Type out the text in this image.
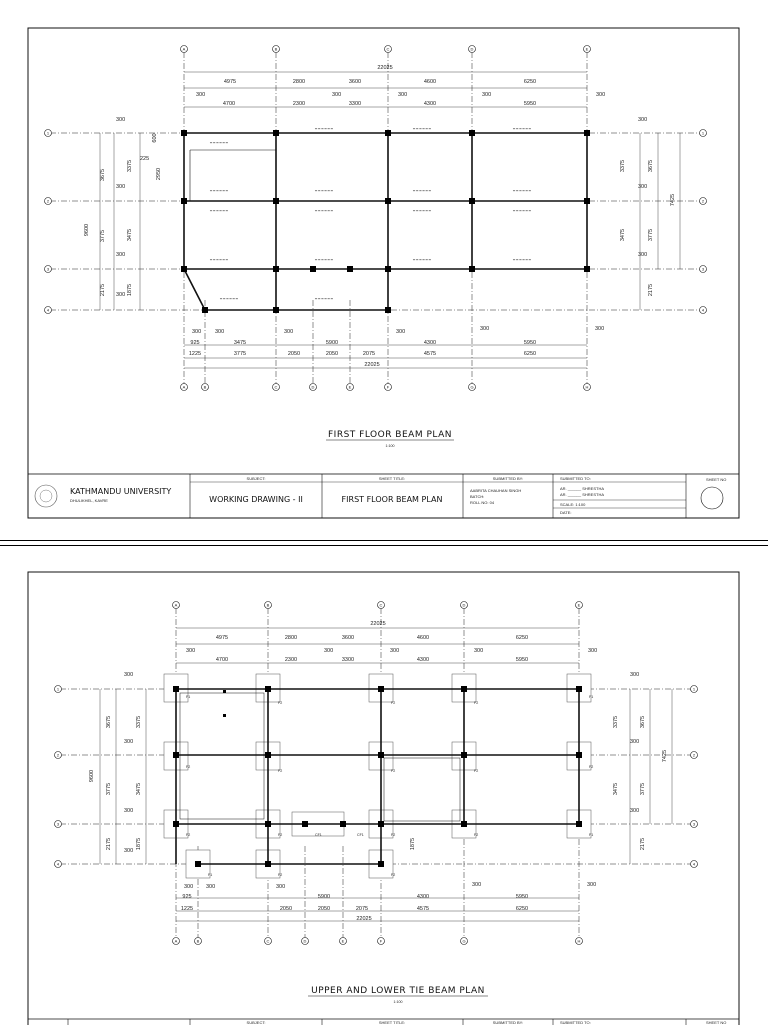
22025
4975	2800	3600	4600	6250
300	300	300	300	300
4700	2300	3300	4300	5950
300	300	300	300	300	300
925	3475	5900	4300	5950
1225	3775	2050	2050	2075	4575	6250
22025
300
300
300
300
225
3675
3775
2175
9600
3375
3475
1875
600
2950
300
300
300
3375
3475
2175
3675
3775
7425
━ ━ ━ ━ ━ ━
━ ━ ━ ━ ━ ━	━ ━ ━ ━ ━ ━	━ ━ ━ ━ ━ ━
━ ━ ━ ━ ━ ━	━ ━ ━ ━ ━ ━	━ ━ ━ ━ ━ ━	━ ━ ━ ━ ━ ━
━ ━ ━ ━ ━ ━	━ ━ ━ ━ ━ ━	━ ━ ━ ━ ━ ━	━ ━ ━ ━ ━ ━
━ ━ ━ ━ ━ ━	━ ━ ━ ━ ━ ━	━ ━ ━ ━ ━ ━	━ ━ ━ ━ ━ ━
━ ━ ━ ━ ━ ━	━ ━ ━ ━ ━ ━
A	B	C	D	E
A	B	C	D	E	F	G	H
1
2
3
4
1
2
3
4
FIRST FLOOR BEAM PLAN
1:100
KATHMANDU UNIVERSITY
DHULIKHEL, KAVRE
SUBJECT:
WORKING DRAWING - II
SHEET TITLE:
FIRST FLOOR BEAM PLAN
SUBMITTED BY:
AABRITA CHAUHAN SINGH
BATCH:
ROLL NO: 04
SUBMITTED TO:
AR. ______ SHRESTHA
AR. ______ SHRESTHA
SCALE: 1:100
DATE:
SHEET NO
F1
F2	F2	F2
F1
F2
F2	F2	F2
F2
F2	F2	CF1	CF1	F2	F2	F1
F1	F2	F2
22025
4975	2800	3600	4600	6250
300	300	300	300	300
4700	2300	3300	4300	5950
300 300	300	300	300
925	5900	4300	5950
1225	2050	2050	2075	4575	6250
22025
300
300
300
300
3675
3775
2175
9600
3375
3475
1875	1875
300
300
300
3375
3475
2175
3675
3775
7425
A	B	C	D	E
A	B	C	D	E	F	G	H
1
2
3
4
1
2
3
4
UPPER AND LOWER TIE BEAM PLAN
1:100
SUBJECT:	SHEET TITLE:	SUBMITTED BY:	SUBMITTED TO:	SHEET NO
